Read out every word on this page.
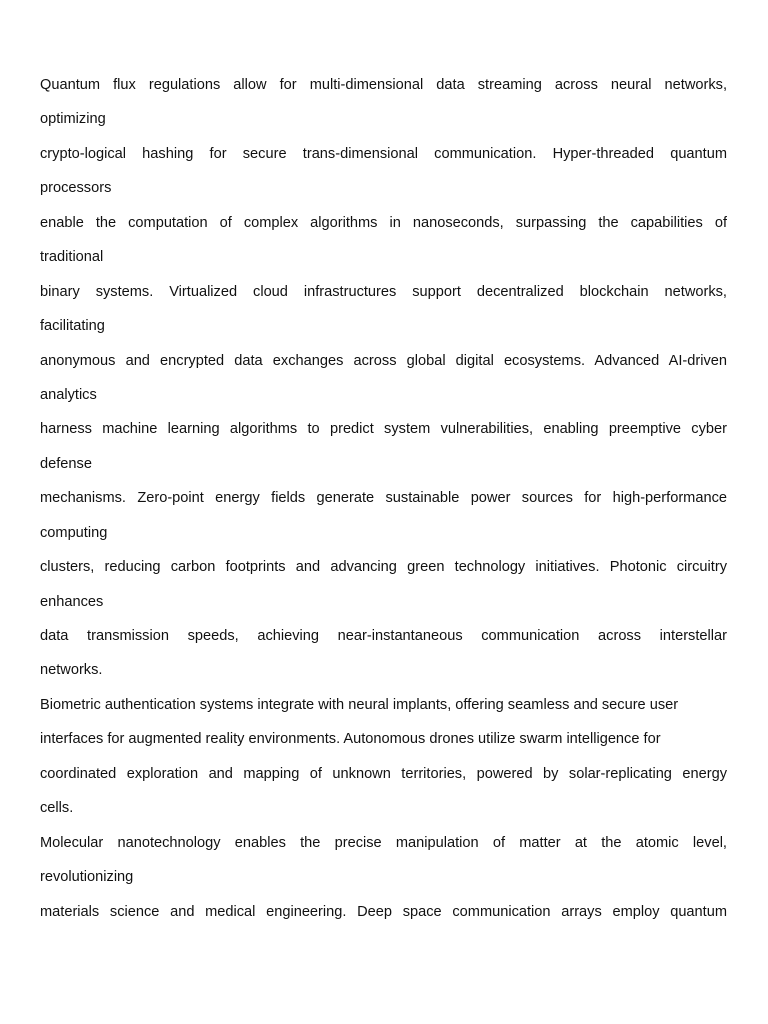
Quantum flux regulations allow for multi-dimensional data streaming across neural networks,
optimizing
crypto-logical hashing for secure trans-dimensional communication. Hyper-threaded quantum
processors
enable the computation of complex algorithms in nanoseconds, surpassing the capabilities of
traditional
binary systems. Virtualized cloud infrastructures support decentralized blockchain networks,
facilitating
anonymous and encrypted data exchanges across global digital ecosystems. Advanced AI-driven
analytics
harness machine learning algorithms to predict system vulnerabilities, enabling preemptive cyber
defense
mechanisms. Zero-point energy fields generate sustainable power sources for high-performance
computing
clusters, reducing carbon footprints and advancing green technology initiatives. Photonic circuitry
enhances
data transmission speeds, achieving near-instantaneous communication across interstellar
networks.
Biometric authentication systems integrate with neural implants, offering seamless and secure user
interfaces for augmented reality environments. Autonomous drones utilize swarm intelligence for
coordinated exploration and mapping of unknown territories, powered by solar-replicating energy
cells.
Molecular nanotechnology enables the precise manipulation of matter at the atomic level,
revolutionizing
materials science and medical engineering. Deep space communication arrays employ quantum
